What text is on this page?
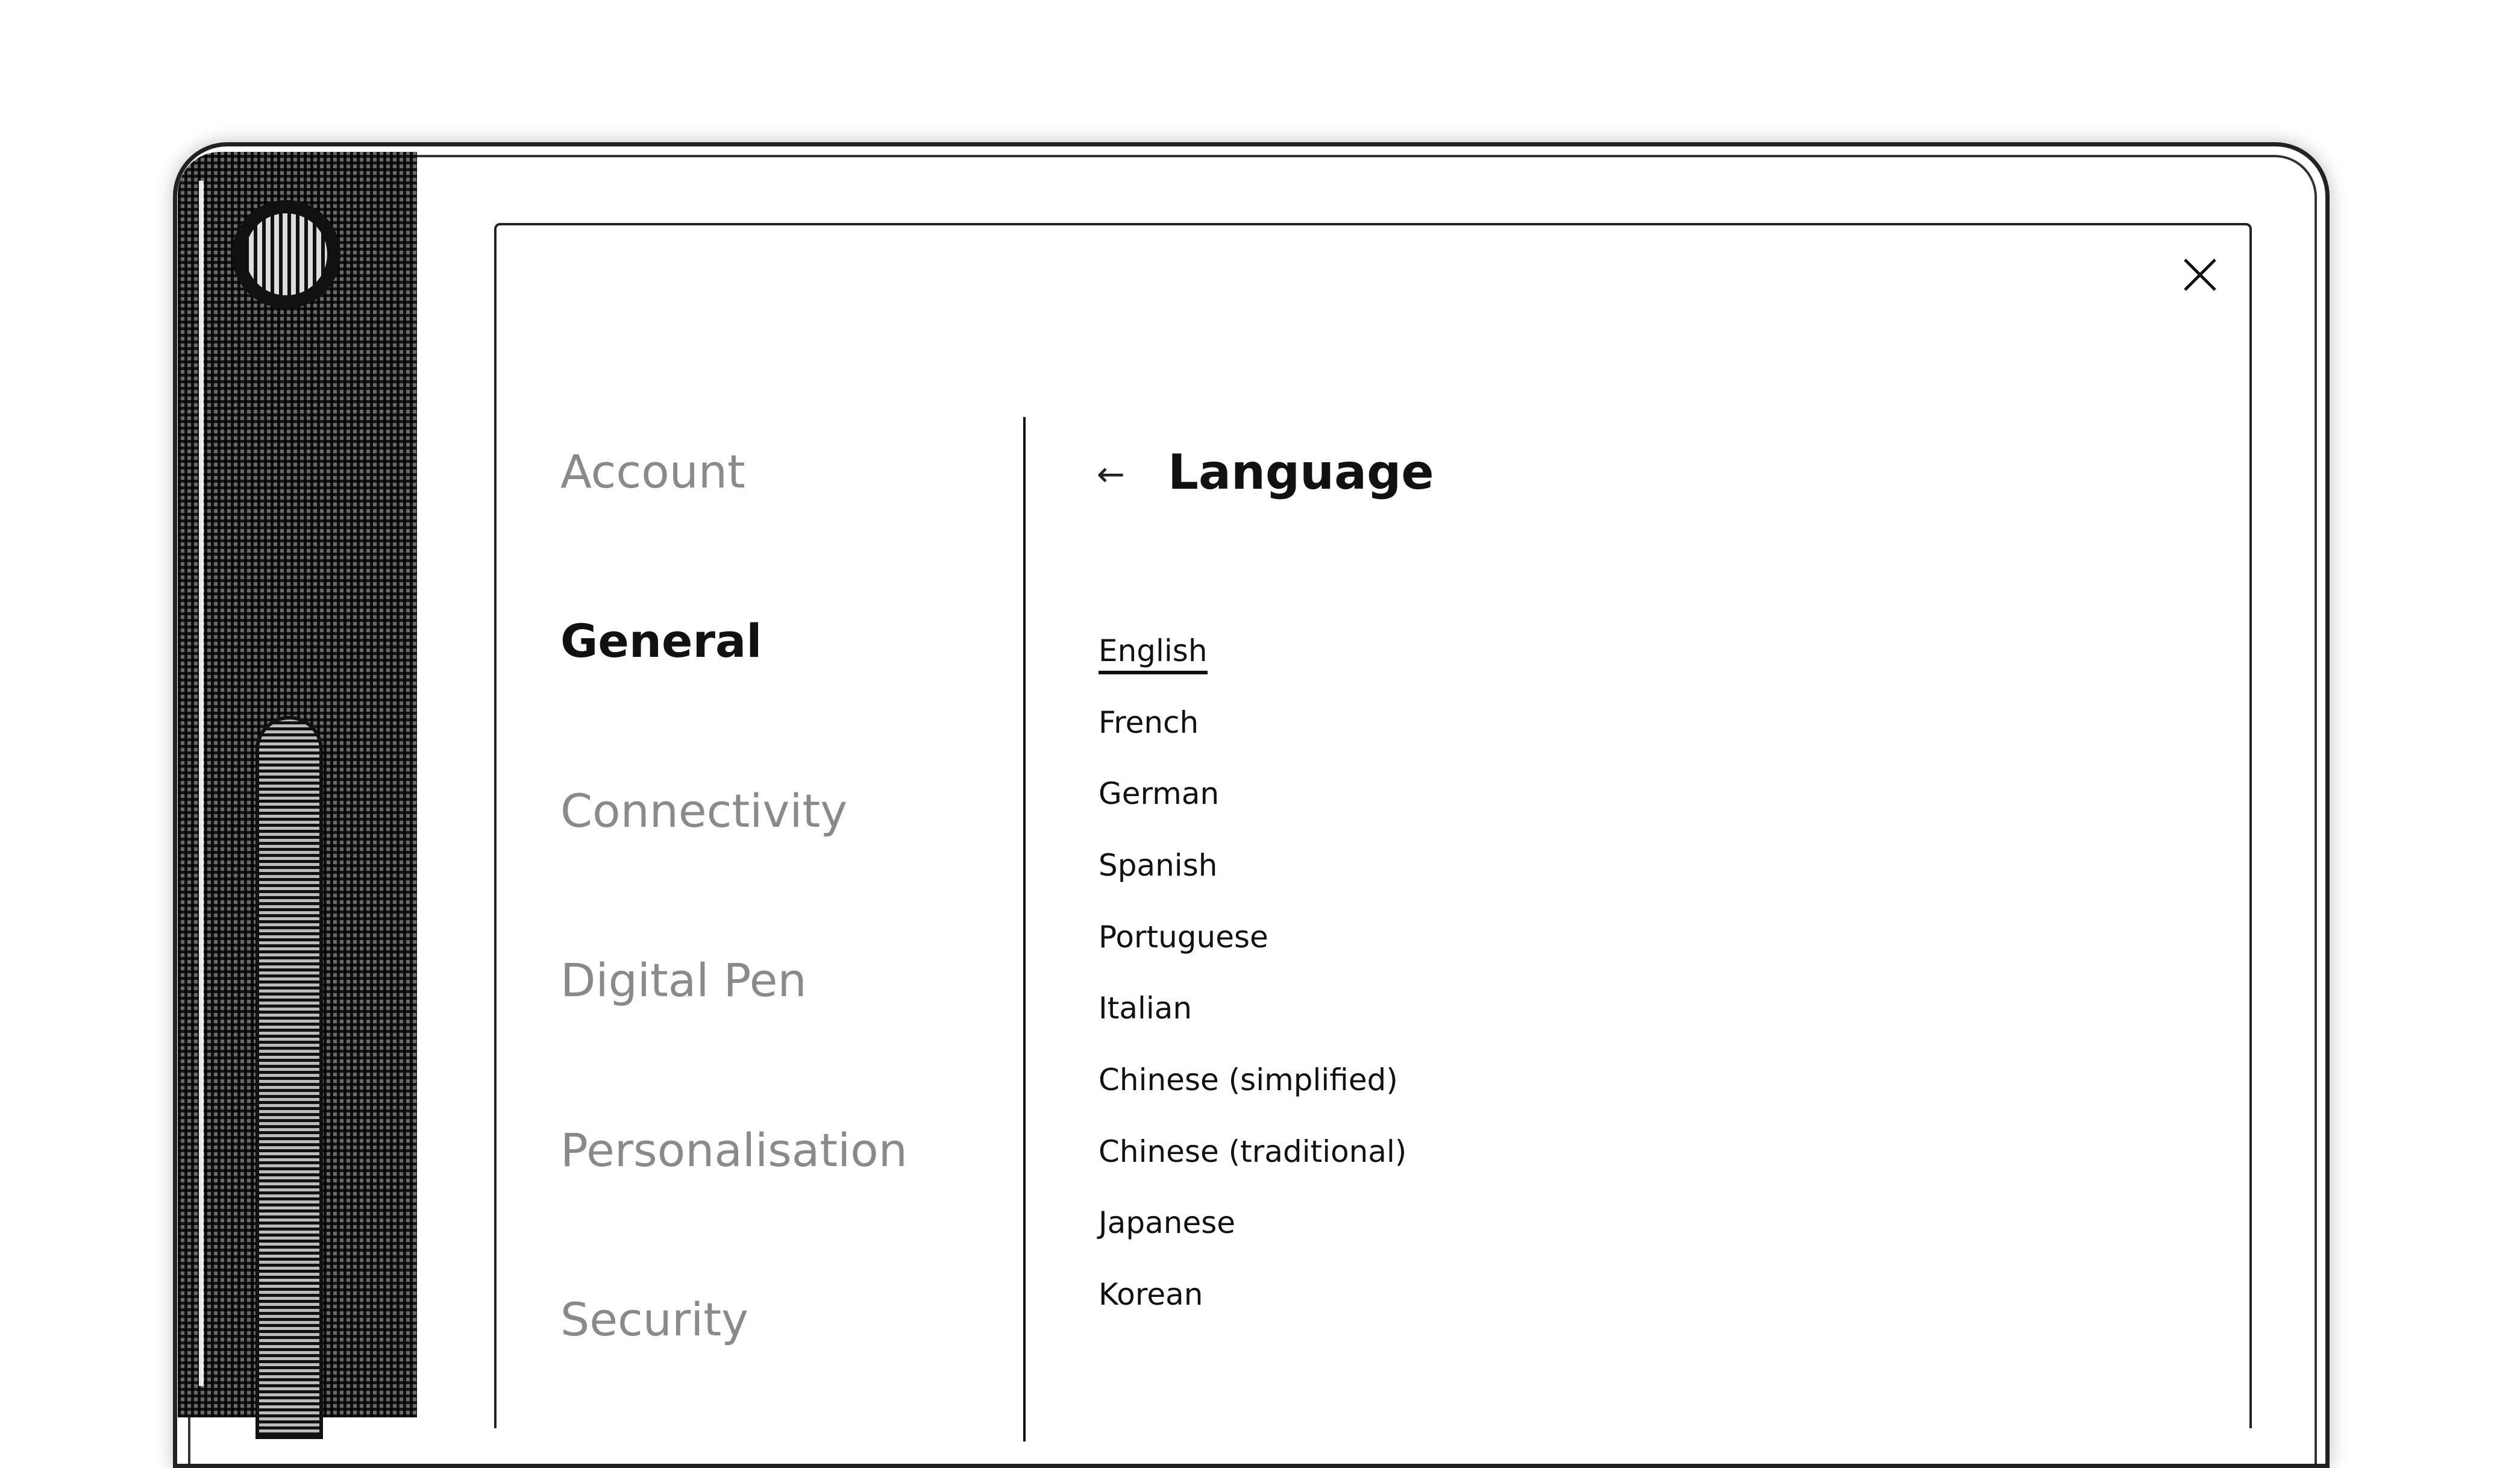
Account
General
Connectivity
Digital Pen
Personalisation
Security
← Language
English
French
German
Spanish
Portuguese
Italian
Chinese (simplified)
Chinese (traditional)
Japanese
Korean
